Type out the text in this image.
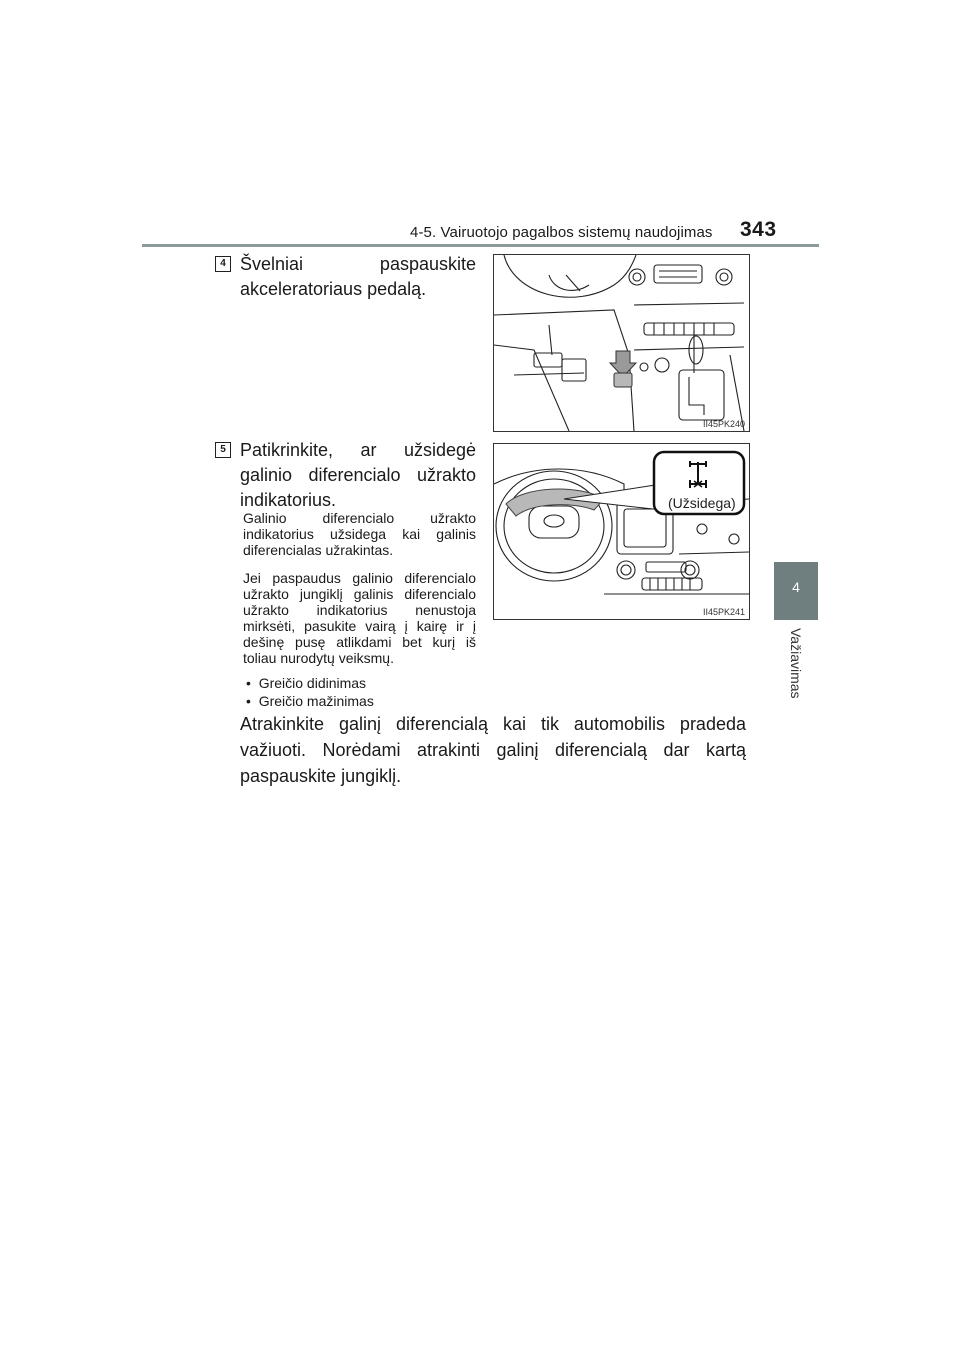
4-5. Vairuotojo pagalbos sistemų naudojimas 343
4
Važiavimas
4 Švelniai paspauskite akceleratoriaus pedalą.
II45PK240
5 Patikrinkite, ar užsidegė galinio diferencialo užrakto indikatorius.
Galinio diferencialo užrakto indikatorius užsidega kai galinis diferencialas užrakintas.
Jei paspaudus galinio diferencialo užrakto jungiklį galinis diferencialo užrakto indikatorius nenustoja mirksėti, pasukite vairą į kairę ir į dešinę pusę atlikdami bet kurį iš toliau nurodytų veiksmų.
•  Greičio didinimas
•  Greičio mažinimas
(Užsidega)
II45PK241
Atrakinkite galinį diferencialą kai tik automobilis pradeda važiuoti. Norėdami atrakinti galinį diferencialą dar kartą paspauskite jungiklį.
